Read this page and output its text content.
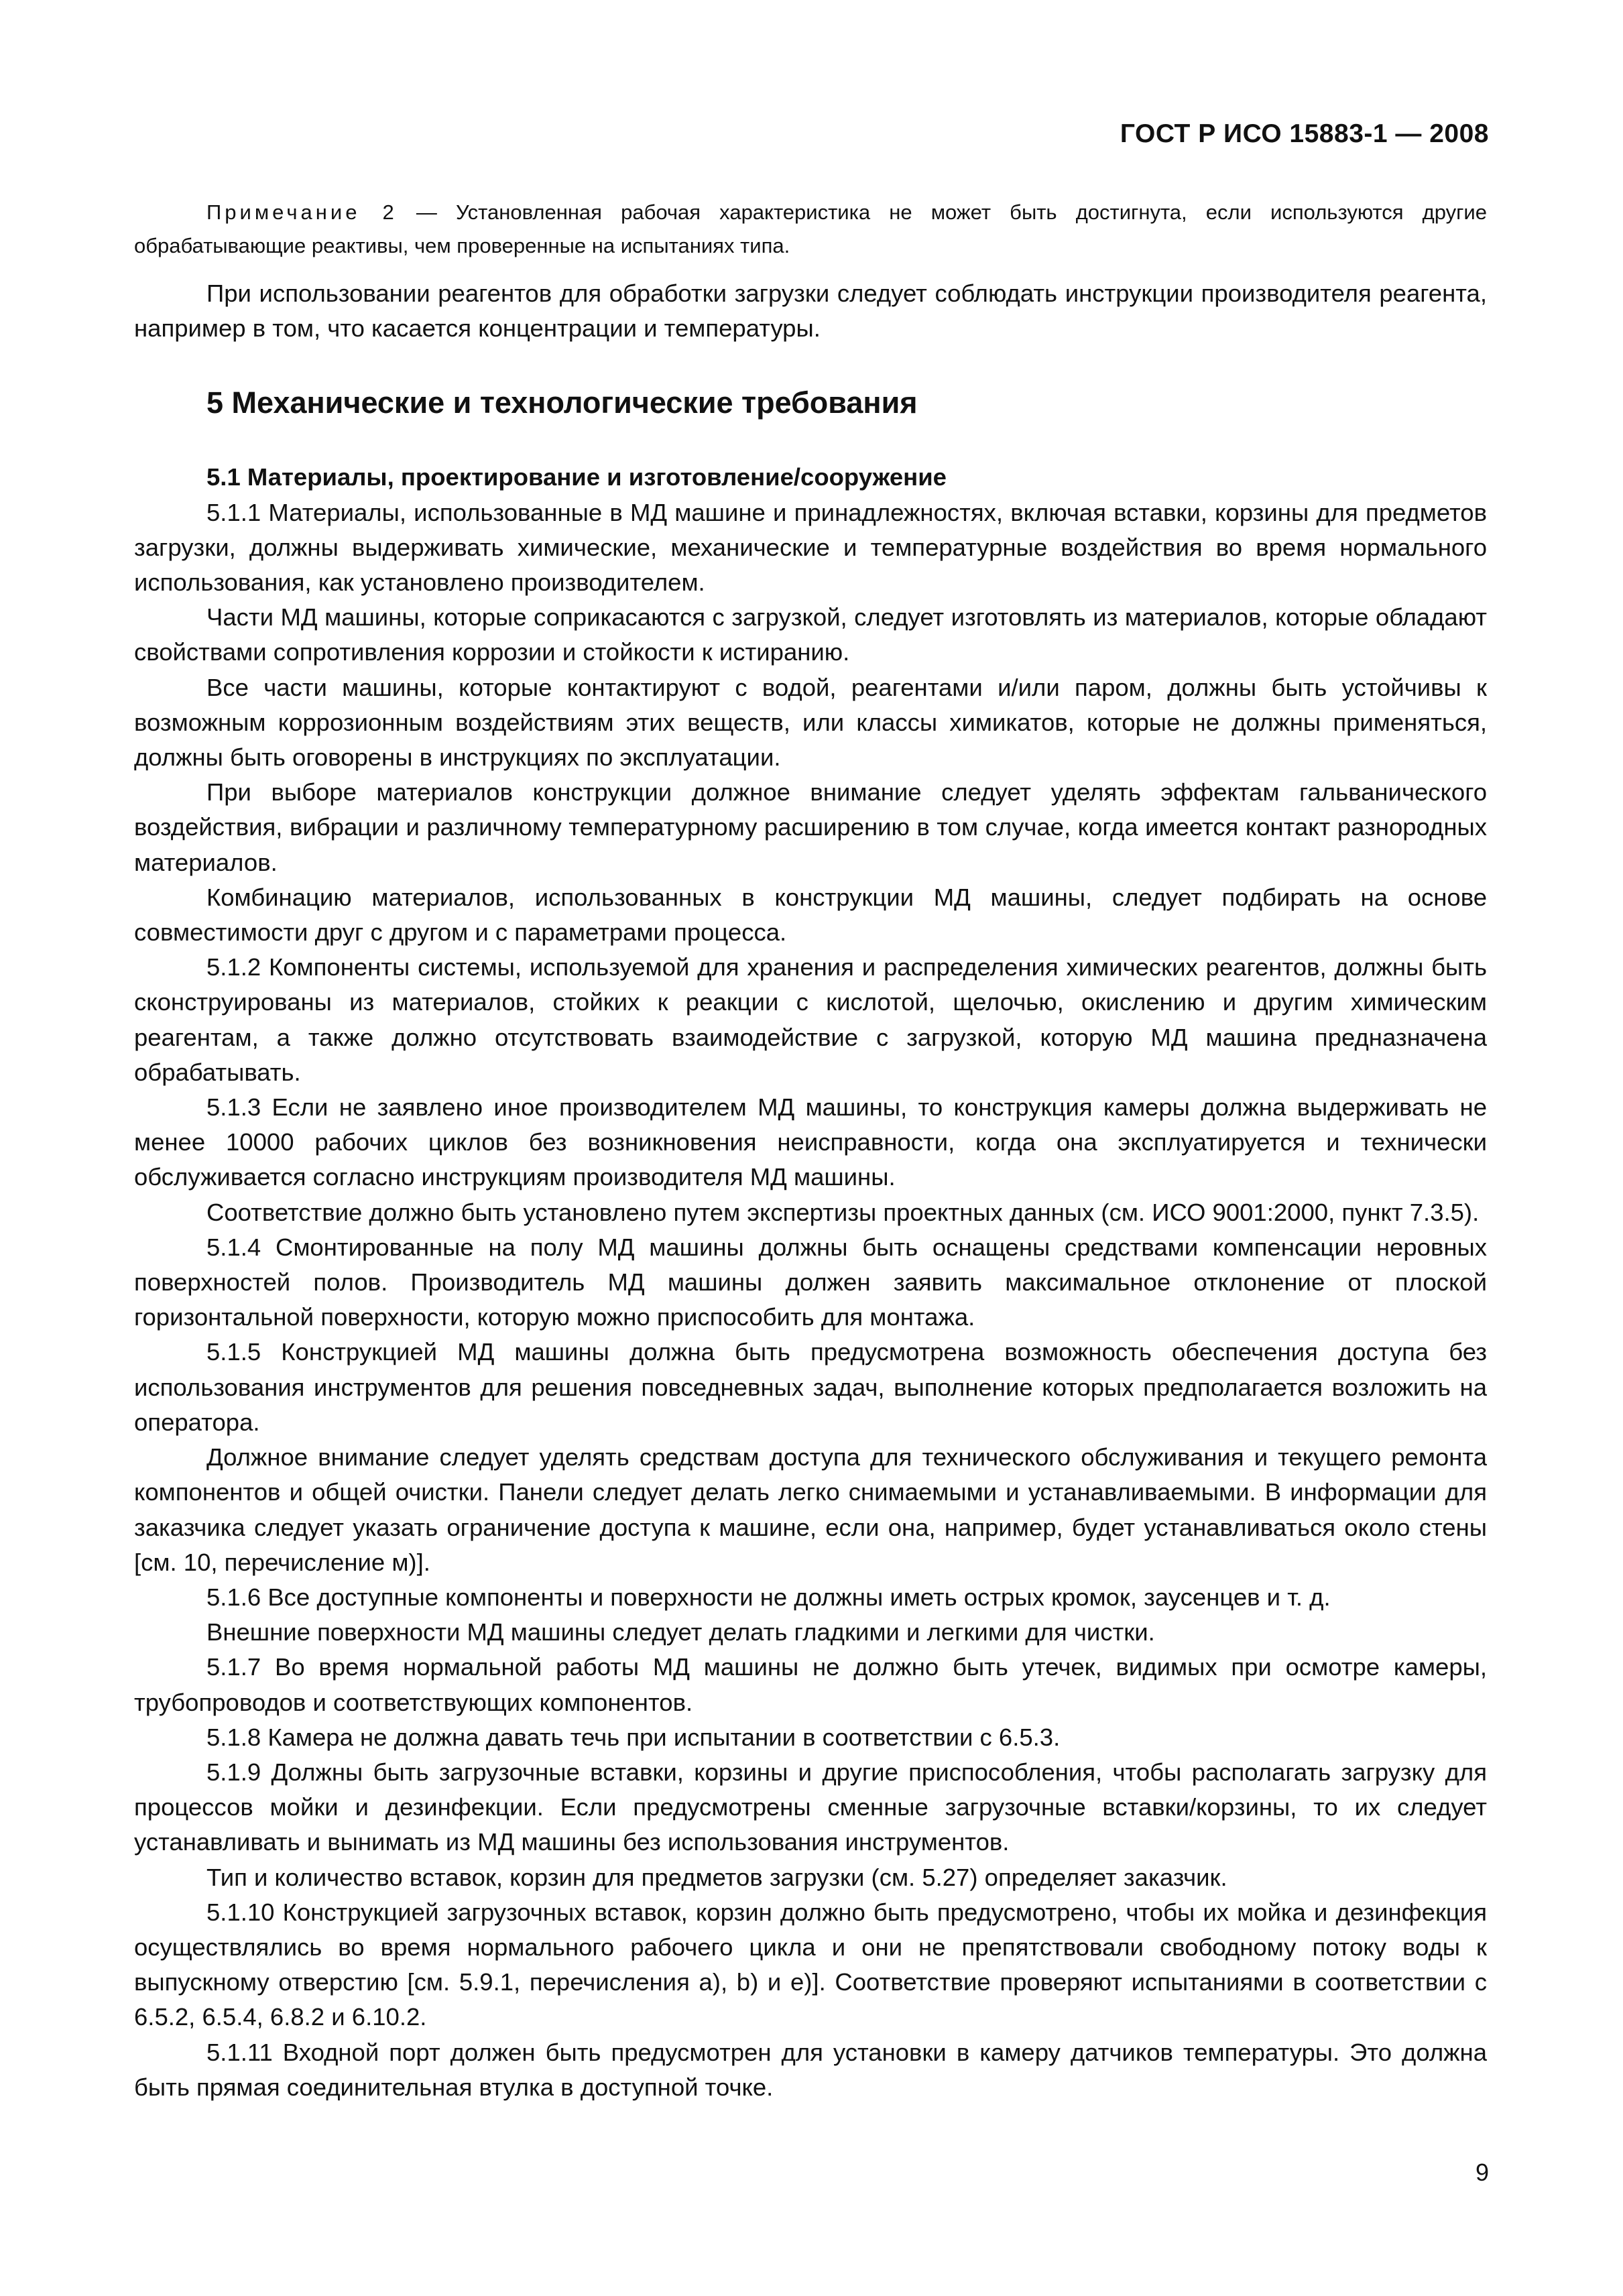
ГОСТ Р ИСО 15883-1 — 2008

Примечание 2 — Установленная рабочая характеристика не может быть достигнута, если используются другие обрабатывающие реактивы, чем проверенные на испытаниях типа.

При использовании реагентов для обработки загрузки следует соблюдать инструкции производителя реагента, например в том, что касается концентрации и температуры.

5 Механические и технологические требования
5.1 Материалы, проектирование и изготовление/сооружение

5.1.1 Материалы, использованные в МД машине и принадлежностях, включая вставки, корзины для предметов загрузки, должны выдерживать химические, механические и температурные воздействия во время нормального использования, как установлено производителем.

Части МД машины, которые соприкасаются с загрузкой, следует изготовлять из материалов, которые обладают свойствами сопротивления коррозии и стойкости к истиранию.

Все части машины, которые контактируют с водой, реагентами и/или паром, должны быть устойчивы к возможным коррозионным воздействиям этих веществ, или классы химикатов, которые не должны применяться, должны быть оговорены в инструкциях по эксплуатации.

При выборе материалов конструкции должное внимание следует уделять эффектам гальванического воздействия, вибрации и различному температурному расширению в том случае, когда имеется контакт разнородных материалов.

Комбинацию материалов, использованных в конструкции МД машины, следует подбирать на основе совместимости друг с другом и с параметрами процесса.

5.1.2 Компоненты системы, используемой для хранения и распределения химических реагентов, должны быть сконструированы из материалов, стойких к реакции с кислотой, щелочью, окислению и другим химическим реагентам, а также должно отсутствовать взаимодействие с загрузкой, которую МД машина предназначена обрабатывать.

5.1.3 Если не заявлено иное производителем МД машины, то конструкция камеры должна выдерживать не менее 10000 рабочих циклов без возникновения неисправности, когда она эксплуатируется и технически обслуживается согласно инструкциям производителя МД машины.

Соответствие должно быть установлено путем экспертизы проектных данных (см. ИСО 9001:2000, пункт 7.3.5).

5.1.4 Смонтированные на полу МД машины должны быть оснащены средствами компенсации неровных поверхностей полов. Производитель МД машины должен заявить максимальное отклонение от плоской горизонтальной поверхности, которую можно приспособить для монтажа.

5.1.5 Конструкцией МД машины должна быть предусмотрена возможность обеспечения доступа без использования инструментов для решения повседневных задач, выполнение которых предполагается возложить на оператора.

Должное внимание следует уделять средствам доступа для технического обслуживания и текущего ремонта компонентов и общей очистки. Панели следует делать легко снимаемыми и устанавливаемыми. В информации для заказчика следует указать ограничение доступа к машине, если она, например, будет устанавливаться около стены [см. 10, перечисление м)].

5.1.6 Все доступные компоненты и поверхности не должны иметь острых кромок, заусенцев и т. д.

Внешние поверхности МД машины следует делать гладкими и легкими для чистки.

5.1.7 Во время нормальной работы МД машины не должно быть утечек, видимых при осмотре камеры, трубопроводов и соответствующих компонентов.

5.1.8 Камера не должна давать течь при испытании в соответствии с 6.5.3.

5.1.9 Должны быть загрузочные вставки, корзины и другие приспособления, чтобы располагать загрузку для процессов мойки и дезинфекции. Если предусмотрены сменные загрузочные вставки/корзины, то их следует устанавливать и вынимать из МД машины без использования инструментов.

Тип и количество вставок, корзин для предметов загрузки (см. 5.27) определяет заказчик.

5.1.10 Конструкцией загрузочных вставок, корзин должно быть предусмотрено, чтобы их мойка и дезинфекция осуществлялись во время нормального рабочего цикла и они не препятствовали свободному потоку воды к выпускному отверстию [см. 5.9.1, перечисления а), b) и е)]. Соответствие проверяют испытаниями в соответствии с 6.5.2, 6.5.4, 6.8.2 и 6.10.2.

5.1.11 Входной порт должен быть предусмотрен для установки в камеру датчиков температуры. Это должна быть прямая соединительная втулка в доступной точке.

9
